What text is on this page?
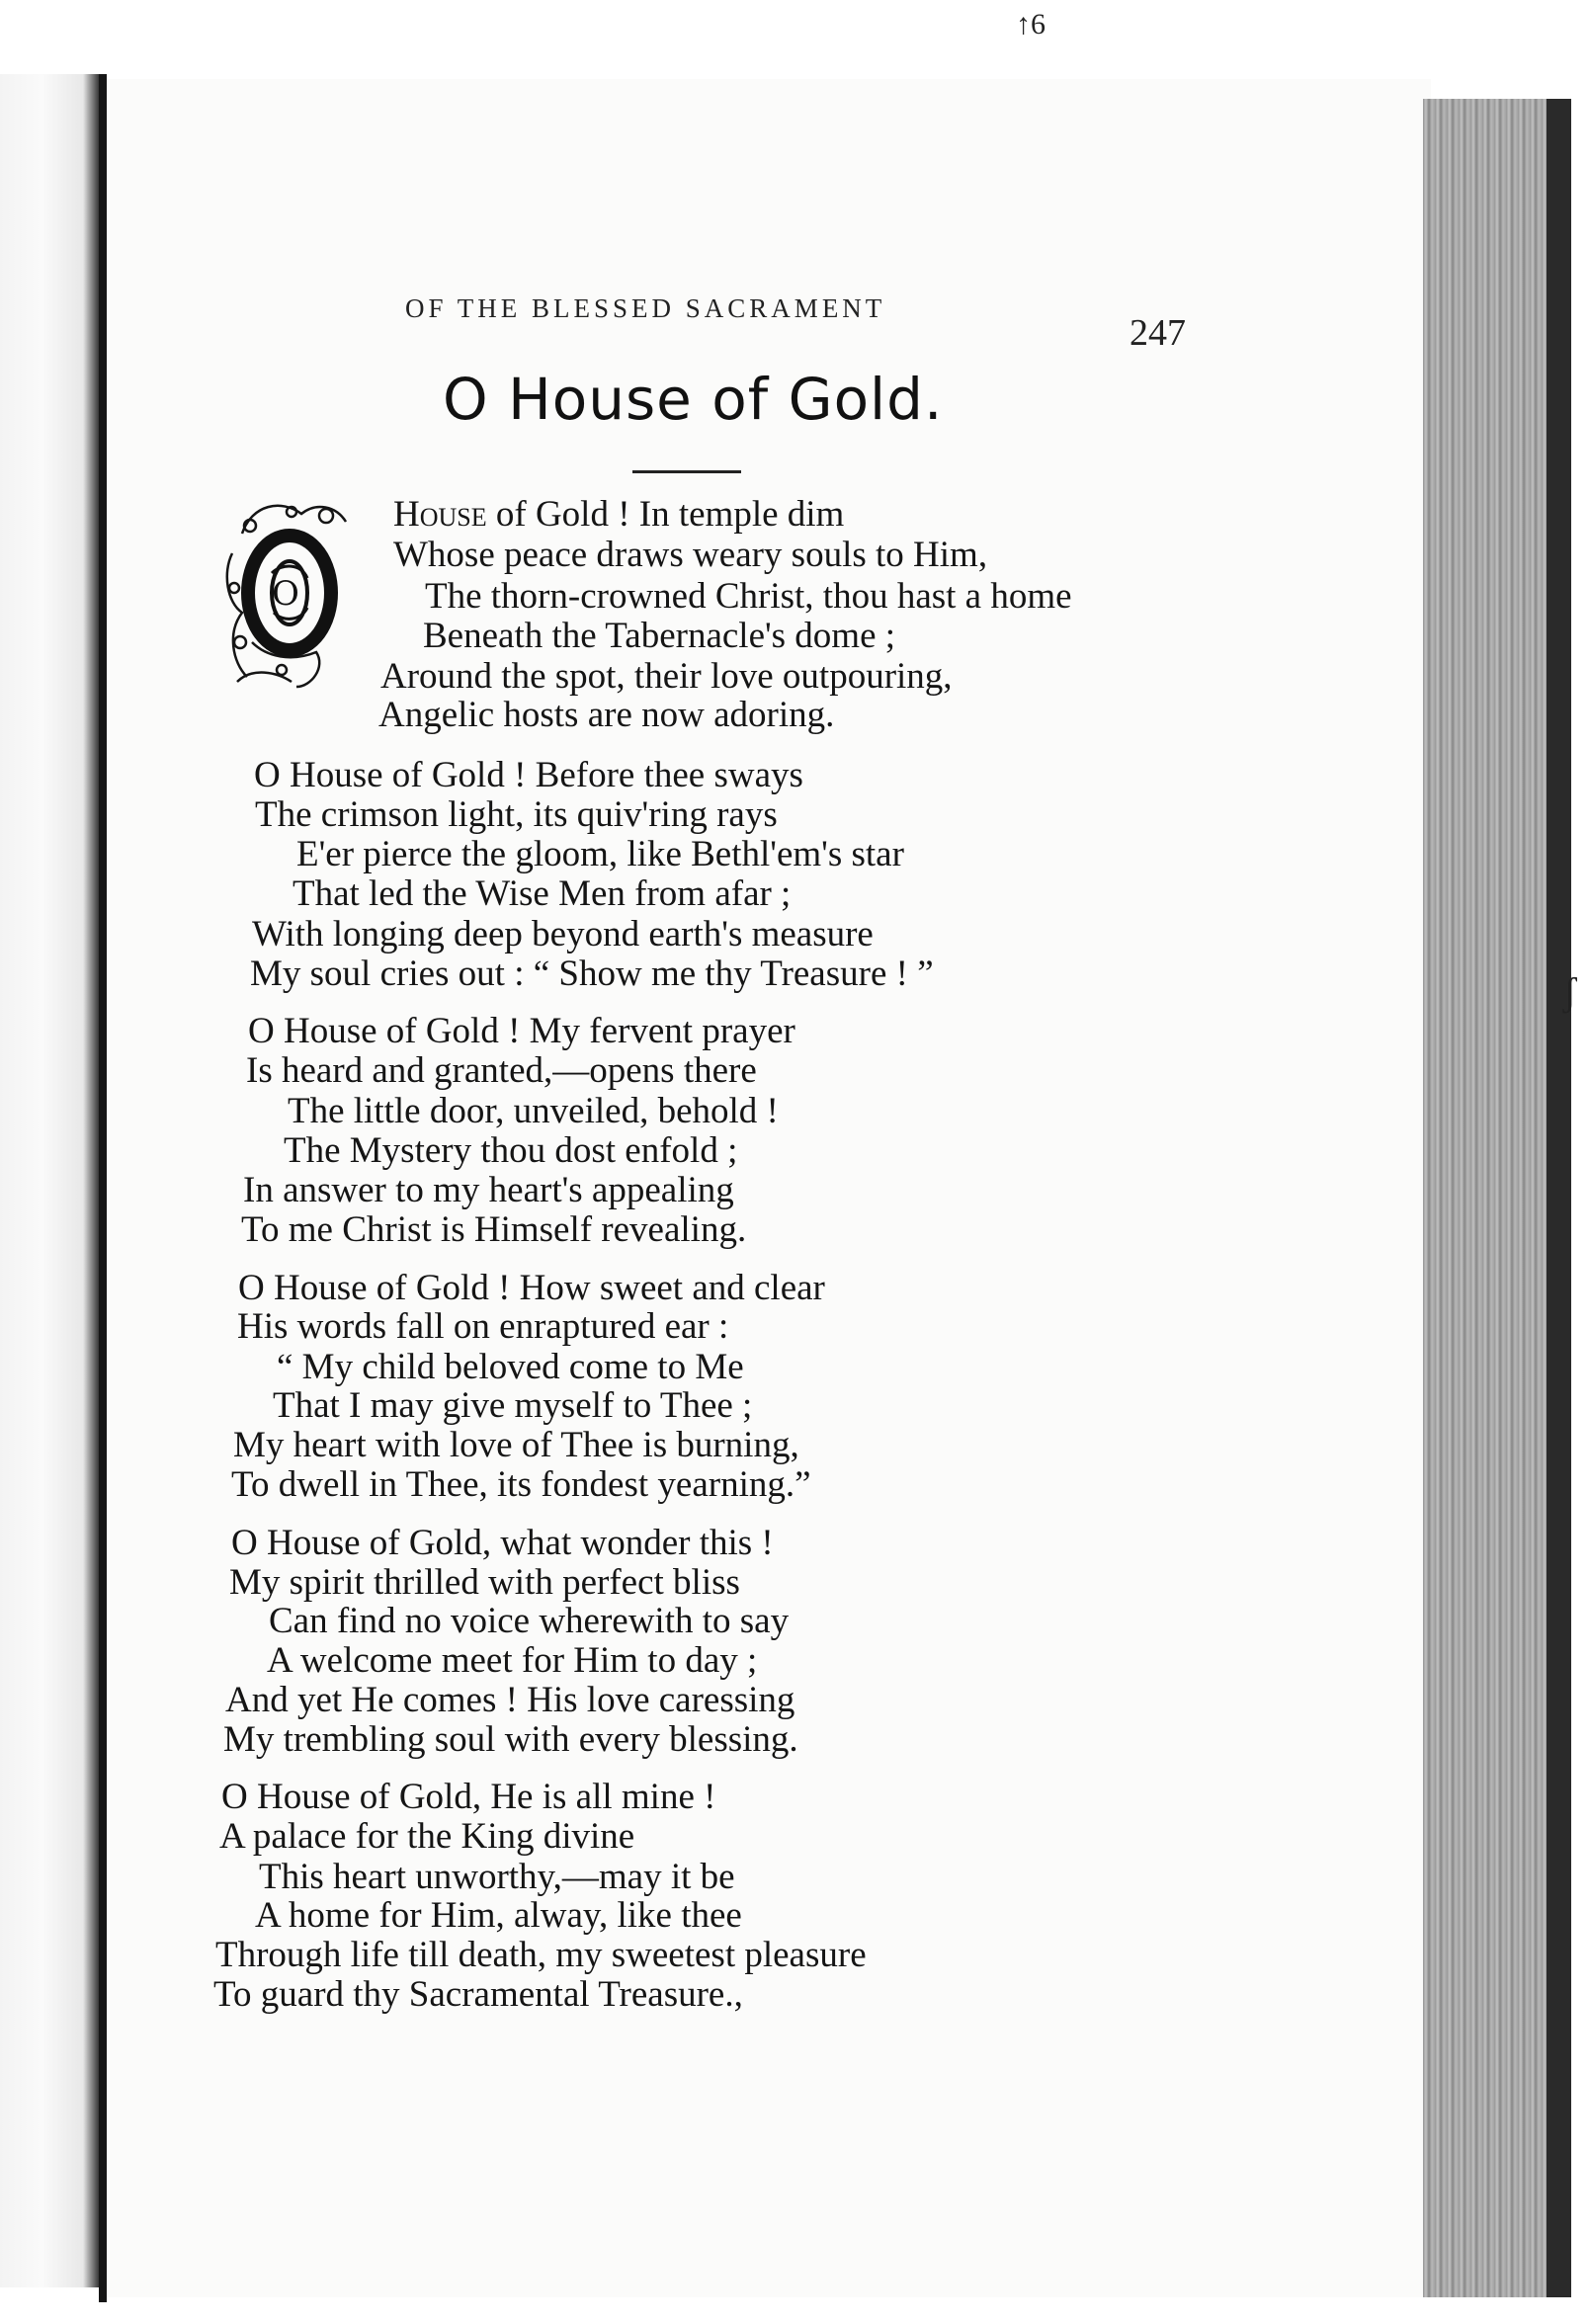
↑6
ʃ
OF THE BLESSED SACRAMENT
247
O House of Gold.
O
House of Gold ! In temple dim
Whose peace draws weary souls to Him,
The thorn-crowned Christ, thou hast a home
Beneath the Tabernacle's dome ;
Around the spot, their love outpouring,
Angelic hosts are now adoring.
O House of Gold ! Before thee sways
The crimson light, its quiv'ring rays
E'er pierce the gloom, like Bethl'em's star
That led the Wise Men from afar ;
With longing deep beyond earth's measure
My soul cries out : “ Show me thy Treasure ! ”
O House of Gold ! My fervent prayer
Is heard and granted,—opens there
The little door, unveiled, behold !
The Mystery thou dost enfold ;
In answer to my heart's appealing
To me Christ is Himself revealing.
O House of Gold ! How sweet and clear
His words fall on enraptured ear :
“ My child beloved come to Me
That I may give myself to Thee ;
My heart with love of Thee is burning,
To dwell in Thee, its fondest yearning.”
O House of Gold, what wonder this !
My spirit thrilled with perfect bliss
Can find no voice wherewith to say
A welcome meet for Him to day ;
And yet He comes ! His love caressing
My trembling soul with every blessing.
O House of Gold, He is all mine !
A palace for the King divine
This heart unworthy,—may it be
A home for Him, alway, like thee
Through life till death, my sweetest pleasure
To guard thy Sacramental Treasure.,
